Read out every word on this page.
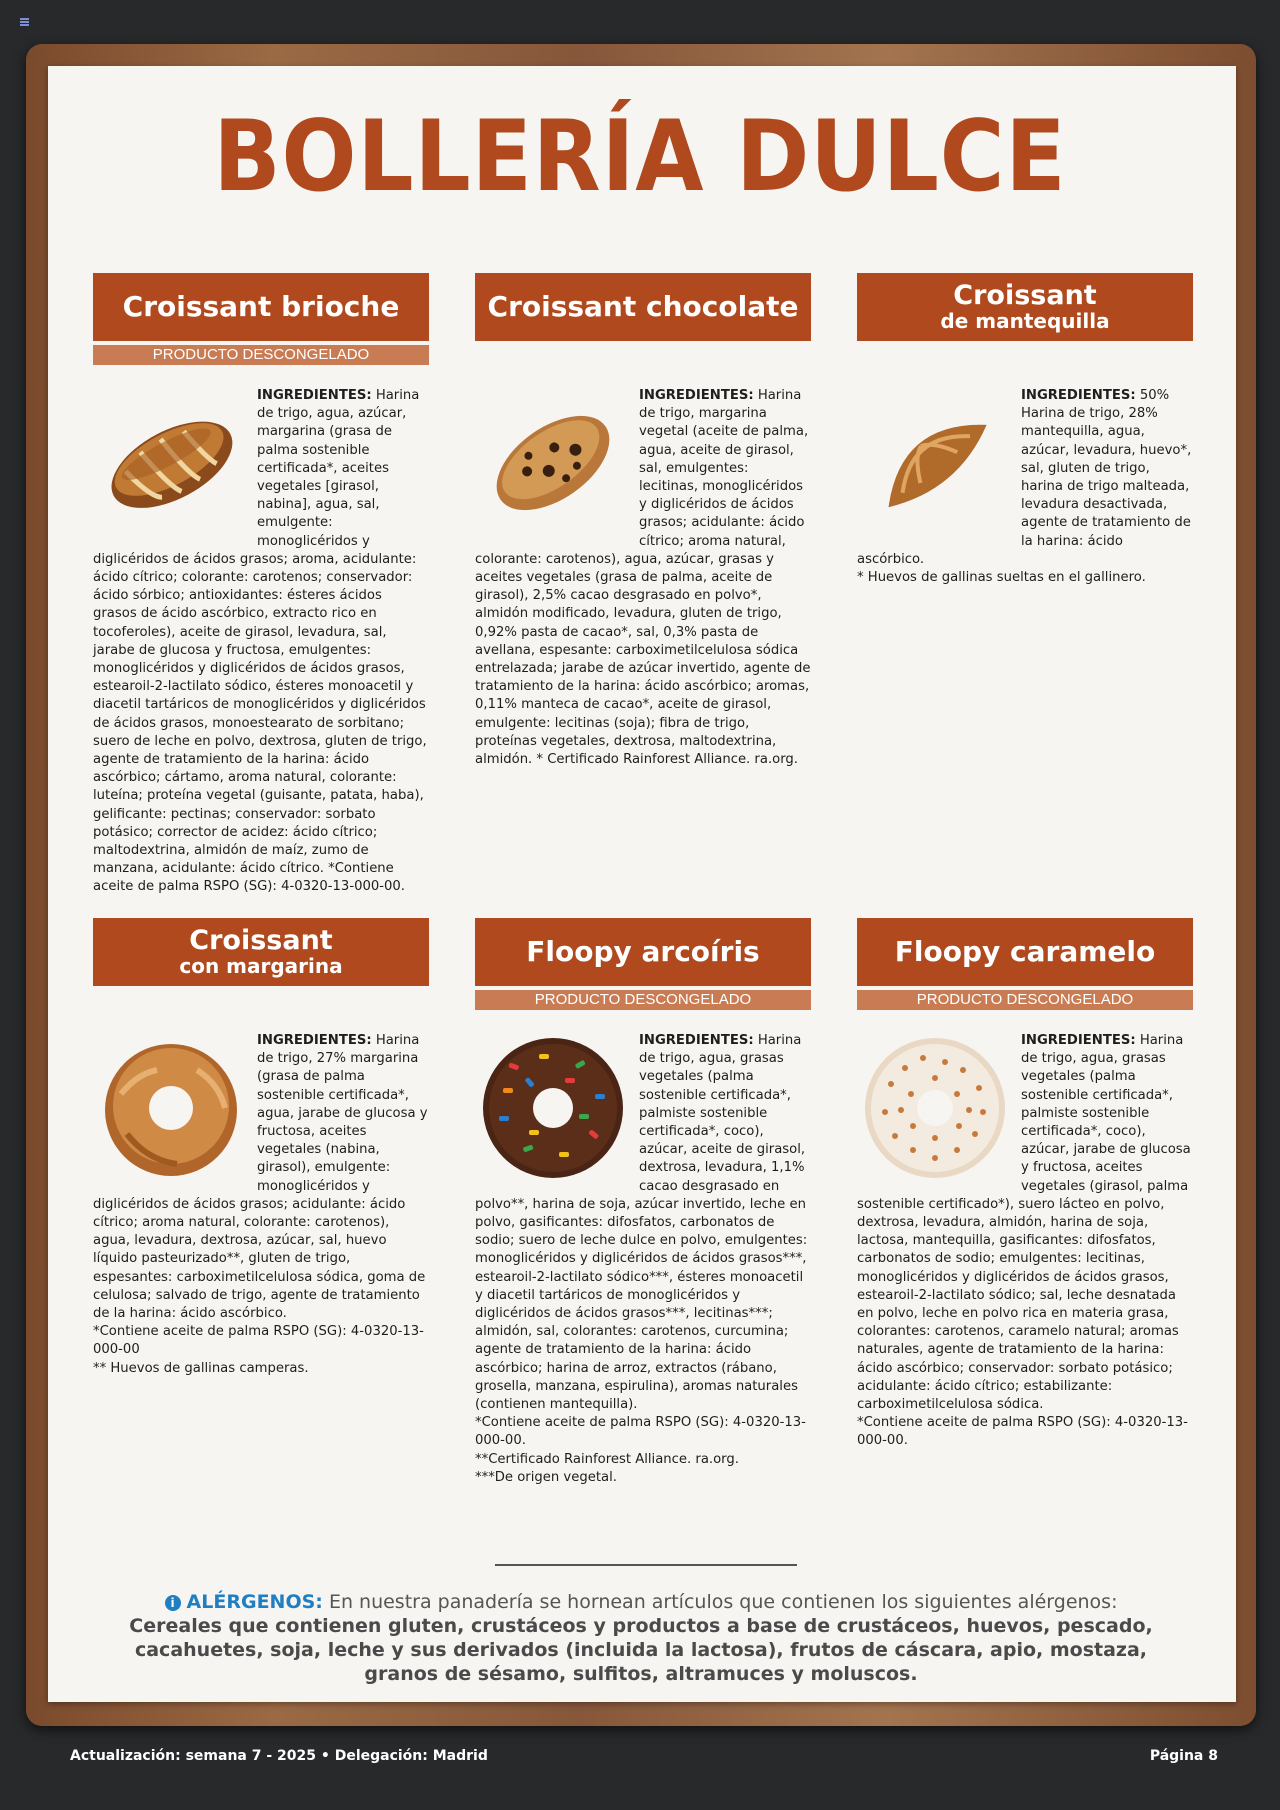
BOLLERÍA DULCE
Croissant brioche
PRODUCTO DESCONGELADO
INGREDIENTES: Harina de trigo, agua, azúcar, margarina (grasa de palma sostenible certificada*, aceites vegetales [girasol, nabina], agua, sal, emulgente: monoglicéridos y diglicéridos de ácidos grasos; aroma, acidulante: ácido cítrico; colorante: carotenos; conservador: ácido sórbico; antioxidantes: ésteres ácidos grasos de ácido ascórbico, extracto rico en tocoferoles), aceite de girasol, levadura, sal, jarabe de glucosa y fructosa, emulgentes: monoglicéridos y diglicéridos de ácidos grasos, estearoil-2-lactilato sódico, ésteres monoacetil y diacetil tartáricos de monoglicéridos y diglicéridos de ácidos grasos, monoestearato de sorbitano; suero de leche en polvo, dextrosa, gluten de trigo, agente de tratamiento de la harina: ácido ascórbico; cártamo, aroma natural, colorante: luteína; proteína vegetal (guisante, patata, haba), gelificante: pectinas; conservador: sorbato potásico; corrector de acidez: ácido cítrico; maltodextrina, almidón de maíz, zumo de manzana, acidulante: ácido cítrico. *Contiene aceite de palma RSPO (SG): 4-0320-13-000-00.
Croissant chocolate
INGREDIENTES: Harina de trigo, margarina vegetal (aceite de palma, agua, aceite de girasol, sal, emulgentes: lecitinas, monoglicéridos y diglicéridos de ácidos grasos; acidulante: ácido cítrico; aroma natural, colorante: carotenos), agua, azúcar, grasas y aceites vegetales (grasa de palma, aceite de girasol), 2,5% cacao desgrasado en polvo*, almidón modificado, levadura, gluten de trigo, 0,92% pasta de cacao*, sal, 0,3% pasta de avellana, espesante: carboximetilcelulosa sódica entrelazada; jarabe de azúcar invertido, agente de tratamiento de la harina: ácido ascórbico; aromas, 0,11% manteca de cacao*, aceite de girasol, emulgente: lecitinas (soja); fibra de trigo, proteínas vegetales, dextrosa, maltodextrina, almidón. * Certificado Rainforest Alliance. ra.org.
Croissant
de mantequilla
INGREDIENTES: 50% Harina de trigo, 28% mantequilla, agua, azúcar, levadura, huevo*, sal, gluten de trigo, harina de trigo malteada, levadura desactivada, agente de tratamiento de la harina: ácido ascórbico.
* Huevos de gallinas sueltas en el gallinero.
Croissant
con margarina
INGREDIENTES: Harina de trigo, 27% margarina (grasa de palma sostenible certificada*, agua, jarabe de glucosa y fructosa, aceites vegetales (nabina, girasol), emulgente: monoglicéridos y diglicéridos de ácidos grasos; acidulante: ácido cítrico; aroma natural, colorante: carotenos), agua, levadura, dextrosa, azúcar, sal, huevo líquido pasteurizado**, gluten de trigo, espesantes: carboximetilcelulosa sódica, goma de celulosa; salvado de trigo, agente de tratamiento de la harina: ácido ascórbico.
*Contiene aceite de palma RSPO (SG): 4-0320-13-000-00
** Huevos de gallinas camperas.
Floopy arcoíris
PRODUCTO DESCONGELADO
INGREDIENTES: Harina de trigo, agua, grasas vegetales (palma sostenible certificada*, palmiste sostenible certificada*, coco), azúcar, aceite de girasol, dextrosa, levadura, 1,1% cacao desgrasado en polvo**, harina de soja, azúcar invertido, leche en polvo, gasificantes: difosfatos, carbonatos de sodio; suero de leche dulce en polvo, emulgentes: monoglicéridos y diglicéridos de ácidos grasos***, estearoil-2-lactilato sódico***, ésteres monoacetil y diacetil tartáricos de monoglicéridos y diglicéridos de ácidos grasos***, lecitinas***; almidón, sal, colorantes: carotenos, curcumina; agente de tratamiento de la harina: ácido ascórbico; harina de arroz, extractos (rábano, grosella, manzana, espirulina), aromas naturales (contienen mantequilla).
*Contiene aceite de palma RSPO (SG): 4-0320-13-000-00.
**Certificado Rainforest Alliance. ra.org.
***De origen vegetal.
Floopy caramelo
PRODUCTO DESCONGELADO
INGREDIENTES: Harina de trigo, agua, grasas vegetales (palma sostenible certificada*, palmiste sostenible certificada*, coco), azúcar, jarabe de glucosa y fructosa, aceites vegetales (girasol, palma sostenible certificado*), suero lácteo en polvo, dextrosa, levadura, almidón, harina de soja, lactosa, mantequilla, gasificantes: difosfatos, carbonatos de sodio; emulgentes: lecitinas, monoglicéridos y diglicéridos de ácidos grasos, estearoil-2-lactilato sódico; sal, leche desnatada en polvo, leche en polvo rica en materia grasa, colorantes: carotenos, caramelo natural; aromas naturales, agente de tratamiento de la harina: ácido ascórbico; conservador: sorbato potásico; acidulante: ácido cítrico; estabilizante: carboximetilcelulosa sódica.
*Contiene aceite de palma RSPO (SG): 4-0320-13-000-00.
i ALÉRGENOS: En nuestra panadería se hornean artículos que contienen los siguientes alérgenos: Cereales que contienen gluten, crustáceos y productos a base de crustáceos, huevos, pescado, cacahuetes, soja, leche y sus derivados (incluida la lactosa), frutos de cáscara, apio, mostaza, granos de sésamo, sulfitos, altramuces y moluscos.
Actualización: semana 7 - 2025 • Delegación: Madrid	Página 8
